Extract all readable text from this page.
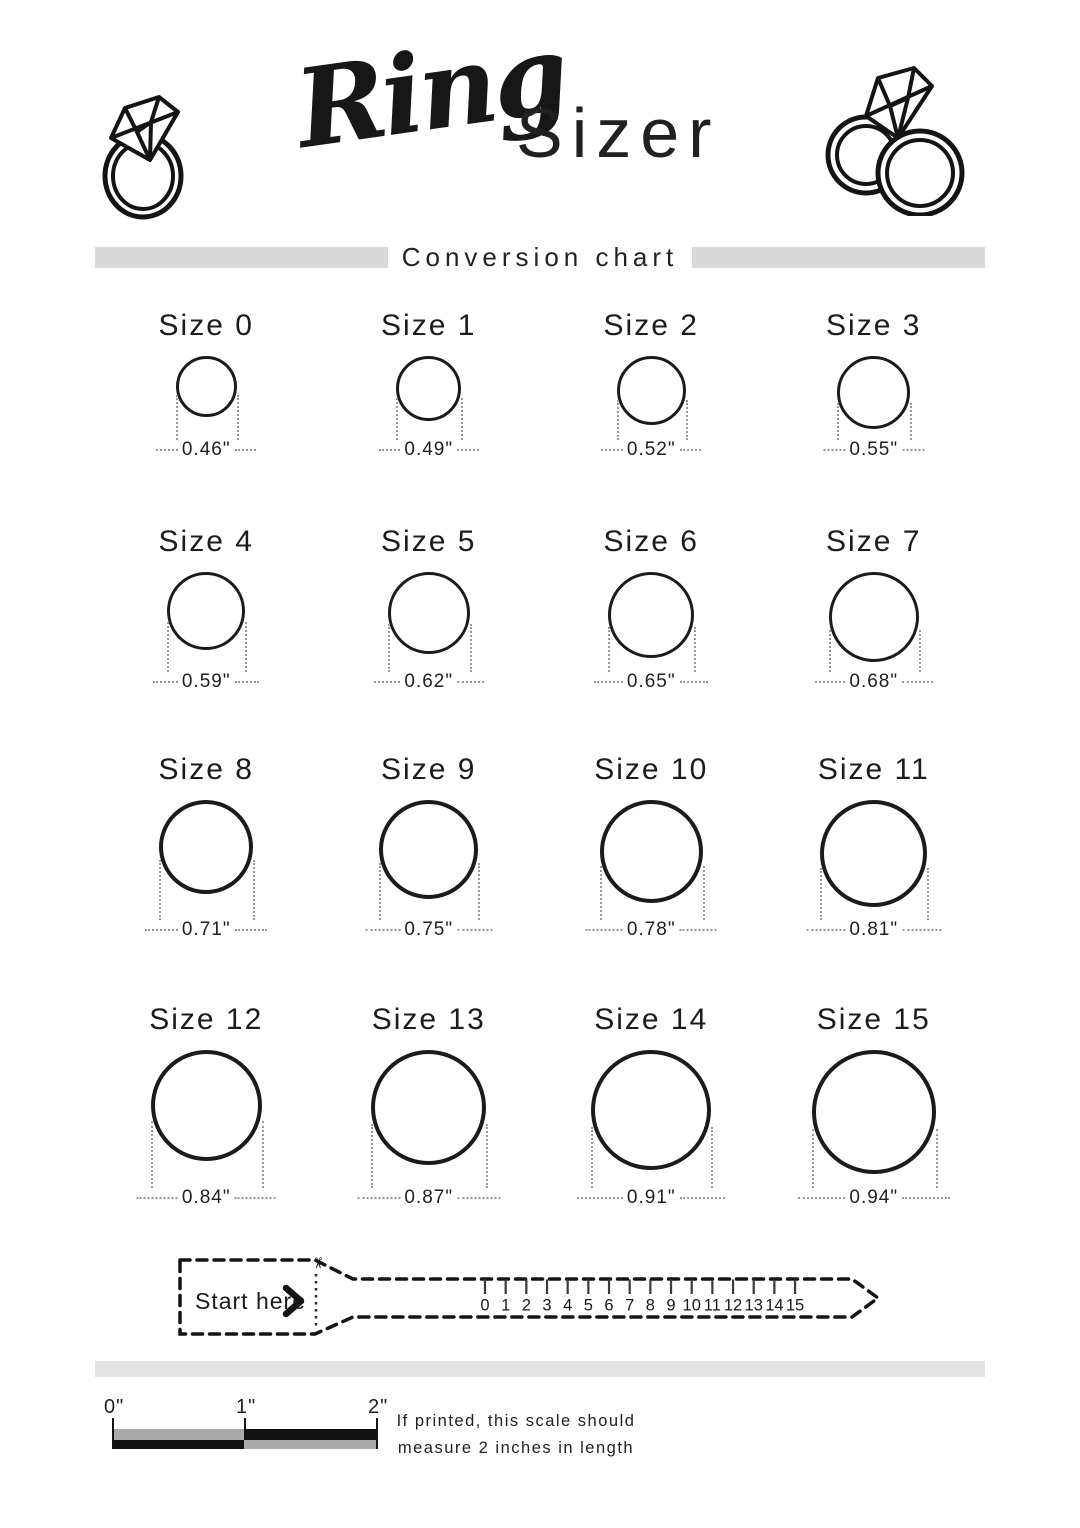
Ring
Sizer
Conversion chart
Size 0
0.46"
Size 1
0.49"
Size 2
0.52"
Size 3
0.55"
Size 4
0.59"
Size 5
0.62"
Size 6
0.65"
Size 7
0.68"
Size 8
0.71"
Size 9
0.75"
Size 10
0.78"
Size 11
0.81"
Size 12
0.84"
Size 13
0.87"
Size 14
0.91"
Size 15
0.94"
Start here
✂
0 1 2 3 4 5 6 7 8 9 10 11 12 13 14 15
0"	1"	2"
If printed, this scale should
measure 2 inches in length
